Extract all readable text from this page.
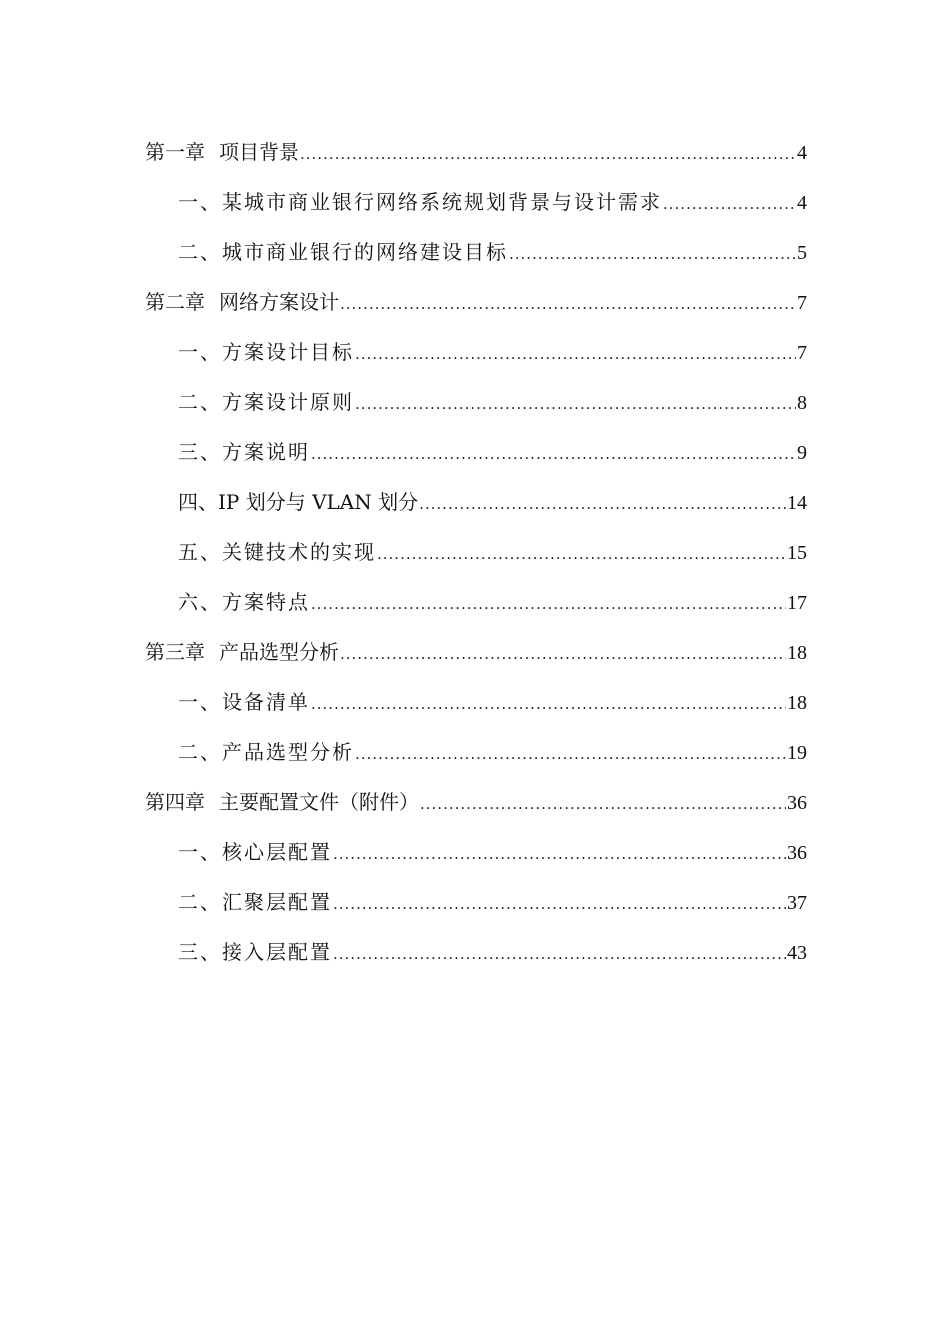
第一章 项目背景 .....	4
一、某城市商业银行网络系统规划背景与设计需求 .....	4
二、城市商业银行的网络建设目标 .....	5
第二章 网络方案设计 .....	7
一、方案设计目标 .....	7
二、方案设计原则 .....	8
三、方案说明 .....	9
四、IP 划分与 VLAN 划分 .....	14
五、关键技术的实现 .....	15
六、方案特点 .....	17
第三章 产品选型分析 .....	18
一、设备清单 .....	18
二、产品选型分析 .....	19
第四章 主要配置文件（附件） .....	36
一、核心层配置 .....	36
二、汇聚层配置 .....	37
三、接入层配置 .....	43
